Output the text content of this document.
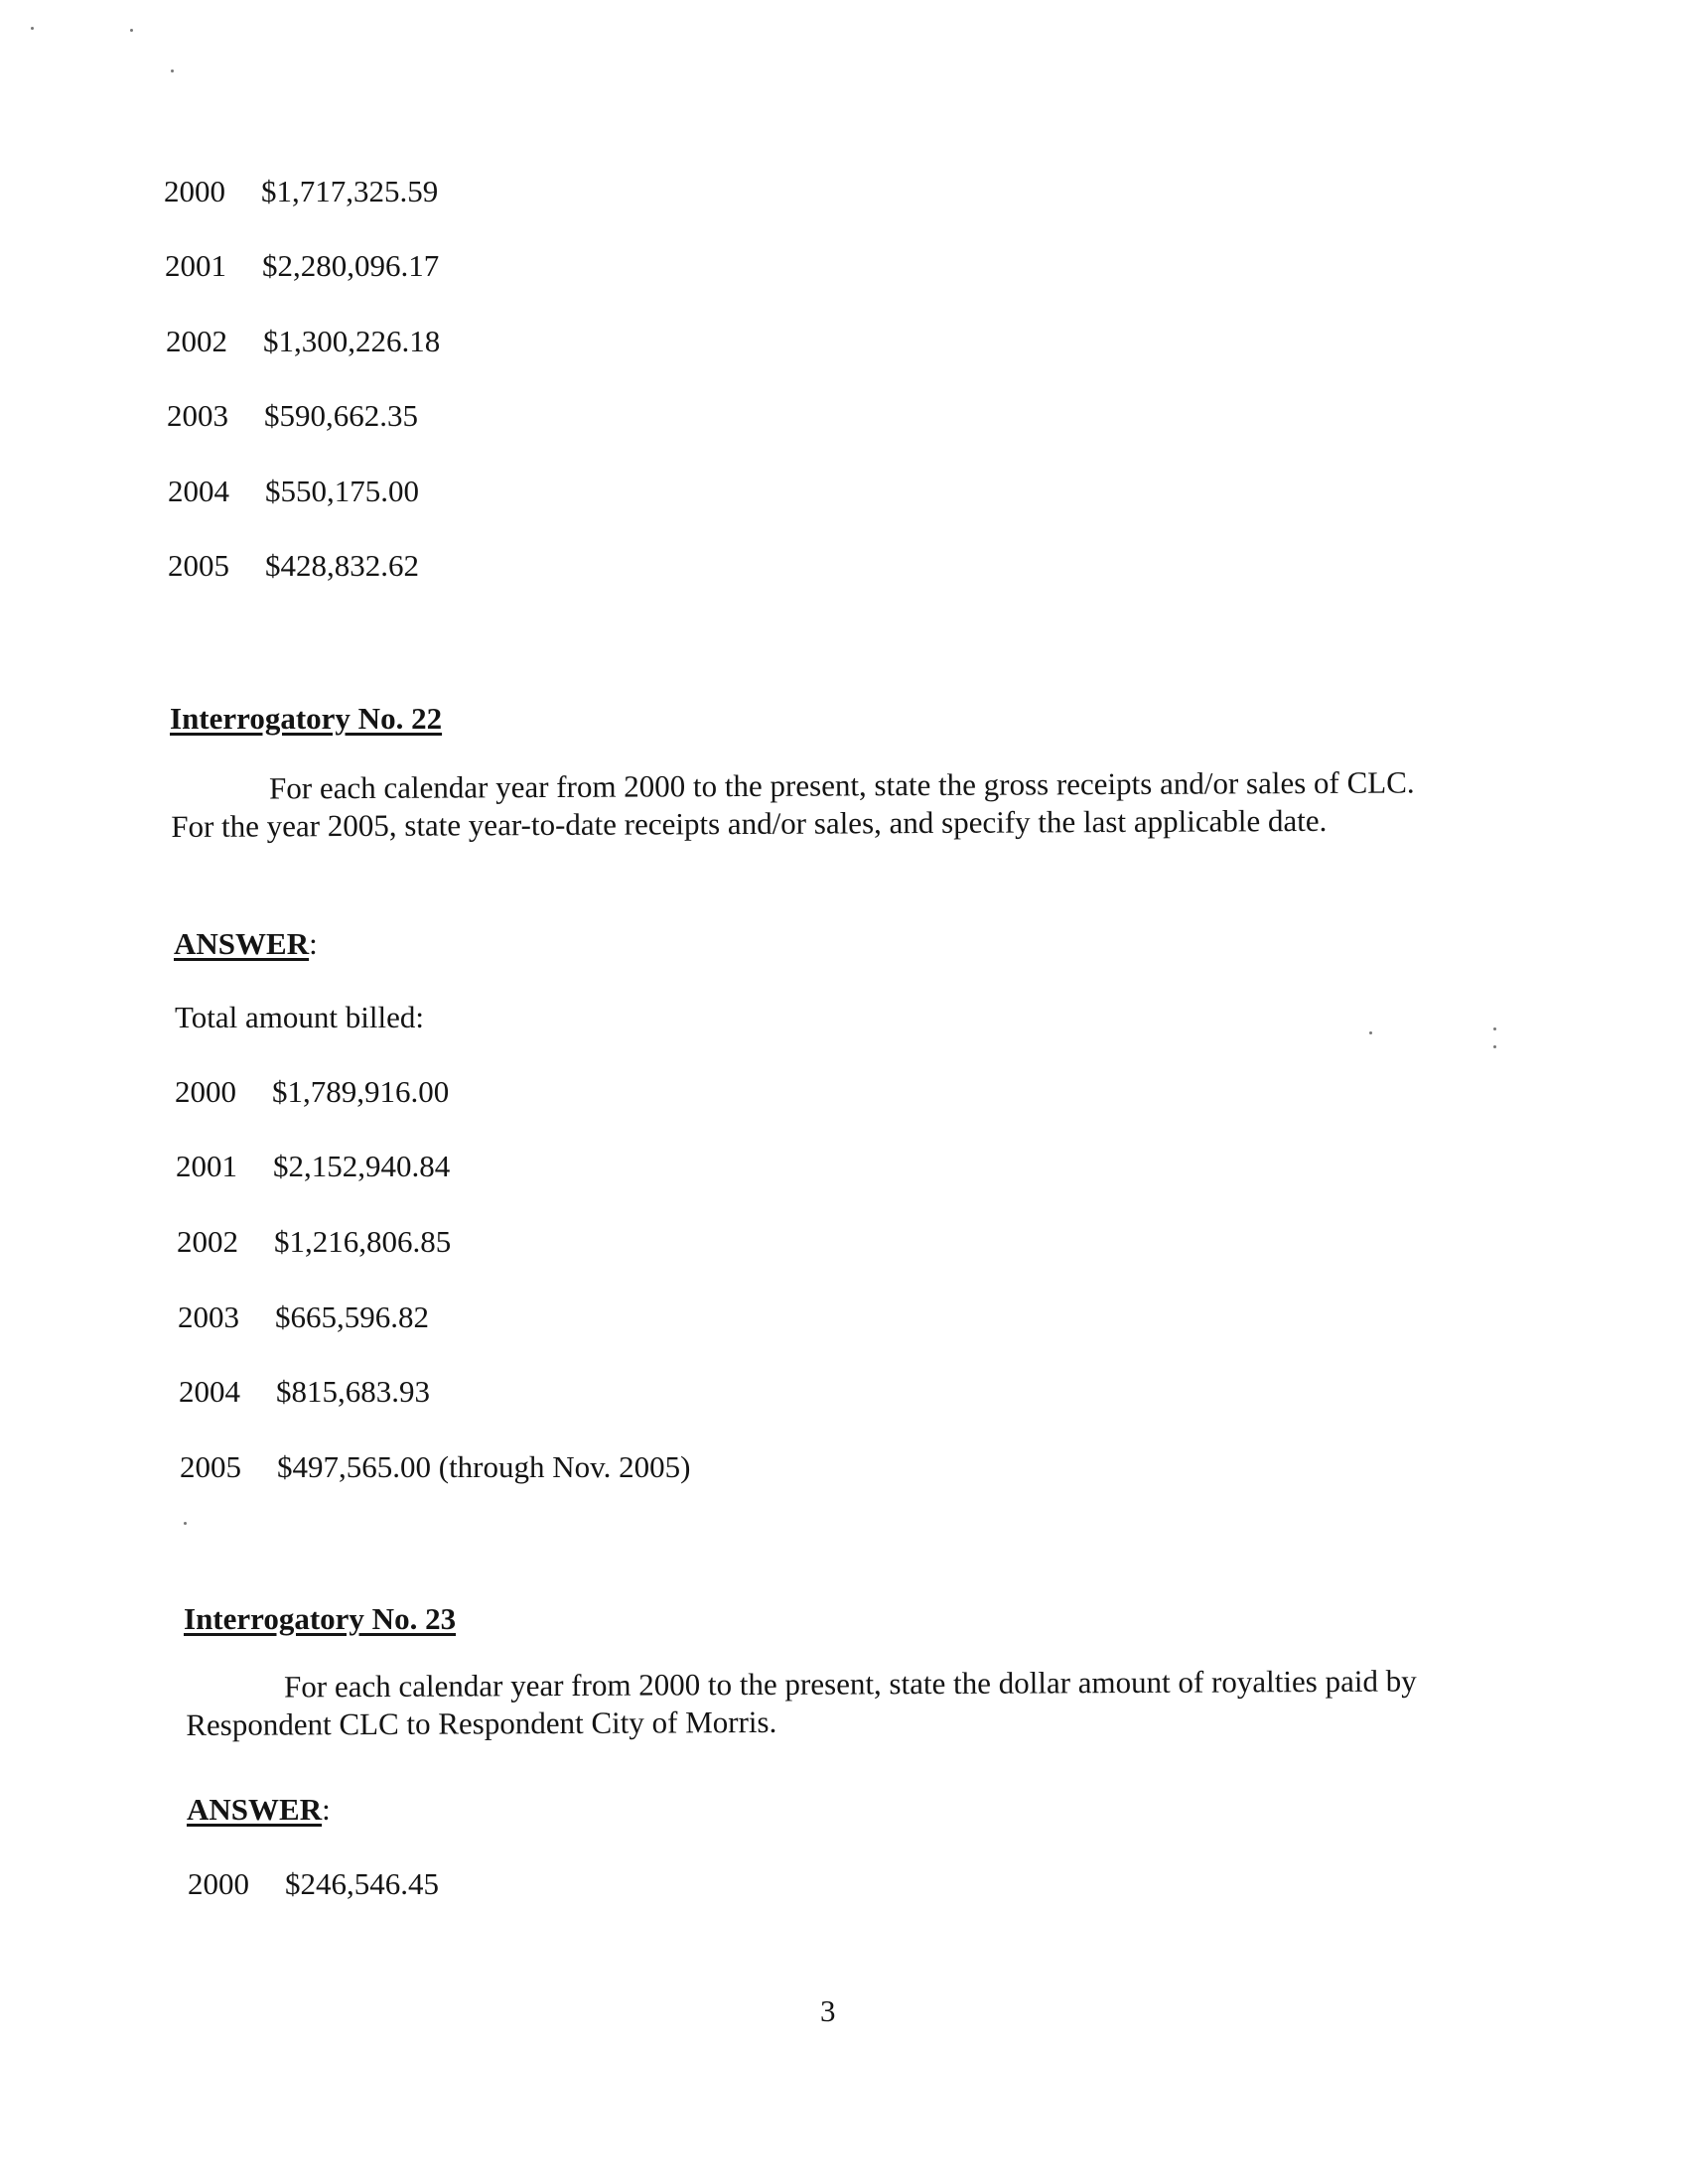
2000 $1,717,325.59
2001 $2,280,096.17
2002 $1,300,226.18
2003 $590,662.35
2004 $550,175.00
2005 $428,832.62
Interrogatory No. 22
For each calendar year from 2000 to the present, state the gross receipts and/or sales of CLC. For the year 2005, state year-to-date receipts and/or sales, and specify the last applicable date.
ANSWER:
Total amount billed:
2000 $1,789,916.00
2001 $2,152,940.84
2002 $1,216,806.85
2003 $665,596.82
2004 $815,683.93
2005 $497,565.00 (through Nov. 2005)
Interrogatory No. 23
For each calendar year from 2000 to the present, state the dollar amount of royalties paid by Respondent CLC to Respondent City of Morris.
ANSWER:
2000 $246,546.45
3
